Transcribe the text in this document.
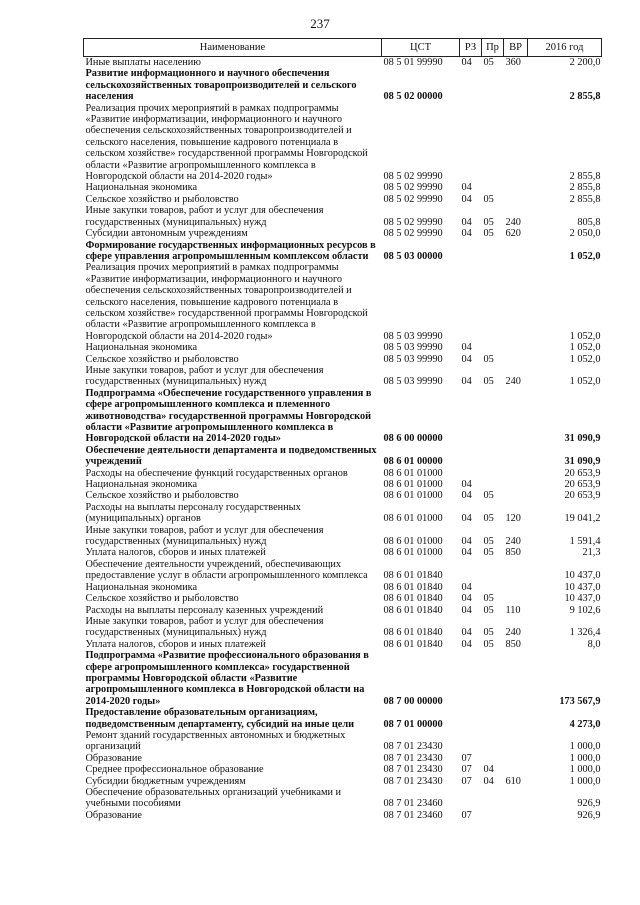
237
Наименование	ЦСТ	РЗ	Пр	ВР	2016 год
Иные выплаты населению	08 5 01 99990	04	05	360	2 200,0
Развитие информационного и научного обеспечения сельскохозяйственных товаропроизводителей и сельского населения	08 5 02 00000				2 855,8
Реализация прочих мероприятий в рамках подпрограммы «Развитие информатизации, информационного и научного обеспечения сельскохозяйственных товаропроизводителей и сельского населения, повышение кадрового потенциала в сельском хозяйстве» государственной программы Новгородской области «Развитие агропромышленного комплекса в Новгородской области на 2014-2020 годы»	08 5 02 99990				2 855,8
Национальная экономика	08 5 02 99990	04			2 855,8
Сельское хозяйство и рыболовство	08 5 02 99990	04	05		2 855,8
Иные закупки товаров, работ и услуг для обеспечения государственных (муниципальных) нужд	08 5 02 99990	04	05	240	805,8
Субсидии автономным учреждениям	08 5 02 99990	04	05	620	2 050,0
Формирование государственных информационных ресурсов в сфере управления агропромышленным комплексом области	08 5 03 00000				1 052,0
Реализация прочих мероприятий в рамках подпрограммы «Развитие информатизации, информационного и научного обеспечения сельскохозяйственных товаропроизводителей и сельского населения, повышение кадрового потенциала в сельском хозяйстве» государственной программы Новгородской области «Развитие агропромышленного комплекса в Новгородской области на 2014-2020 годы»	08 5 03 99990				1 052,0
Национальная экономика	08 5 03 99990	04			1 052,0
Сельское хозяйство и рыболовство	08 5 03 99990	04	05		1 052,0
Иные закупки товаров, работ и услуг для обеспечения государственных (муниципальных) нужд	08 5 03 99990	04	05	240	1 052,0
Подпрограмма «Обеспечение государственного управления в сфере агропромышленного комплекса и племенного животноводства» государственной программы Новгородской области «Развитие агропромышленного комплекса в Новгородской области на 2014-2020 годы»	08 6 00 00000				31 090,9
Обеспечение деятельности департамента и подведомственных учреждений	08 6 01 00000				31 090,9
Расходы на обеспечение функций государственных органов	08 6 01 01000				20 653,9
Национальная экономика	08 6 01 01000	04			20 653,9
Сельское хозяйство и рыболовство	08 6 01 01000	04	05		20 653,9
Расходы на выплаты персоналу государственных (муниципальных) органов	08 6 01 01000	04	05	120	19 041,2
Иные закупки товаров, работ и услуг для обеспечения государственных (муниципальных) нужд	08 6 01 01000	04	05	240	1 591,4
Уплата налогов, сборов и иных платежей	08 6 01 01000	04	05	850	21,3
Обеспечение деятельности учреждений, обеспечивающих предоставление услуг в области агропромышленного комплекса	08 6 01 01840				10 437,0
Национальная экономика	08 6 01 01840	04			10 437,0
Сельское хозяйство и рыболовство	08 6 01 01840	04	05		10 437,0
Расходы на выплаты персоналу казенных учреждений	08 6 01 01840	04	05	110	9 102,6
Иные закупки товаров, работ и услуг для обеспечения государственных (муниципальных) нужд	08 6 01 01840	04	05	240	1 326,4
Уплата налогов, сборов и иных платежей	08 6 01 01840	04	05	850	8,0
Подпрограмма «Развитие профессионального образования в сфере агропромышленного комплекса» государственной программы Новгородской области «Развитие агропромышленного комплекса в Новгородской области на 2014-2020 годы»	08 7 00 00000				173 567,9
Предоставление образовательным организациям, подведомственным департаменту, субсидий на иные цели	08 7 01 00000				4 273,0
Ремонт зданий государственных автономных и бюджетных организаций	08 7 01 23430				1 000,0
Образование	08 7 01 23430	07			1 000,0
Среднее профессиональное образование	08 7 01 23430	07	04		1 000,0
Субсидии бюджетным учреждениям	08 7 01 23430	07	04	610	1 000,0
Обеспечение образовательных организаций учебниками и учебными пособиями	08 7 01 23460				926,9
Образование	08 7 01 23460	07			926,9
